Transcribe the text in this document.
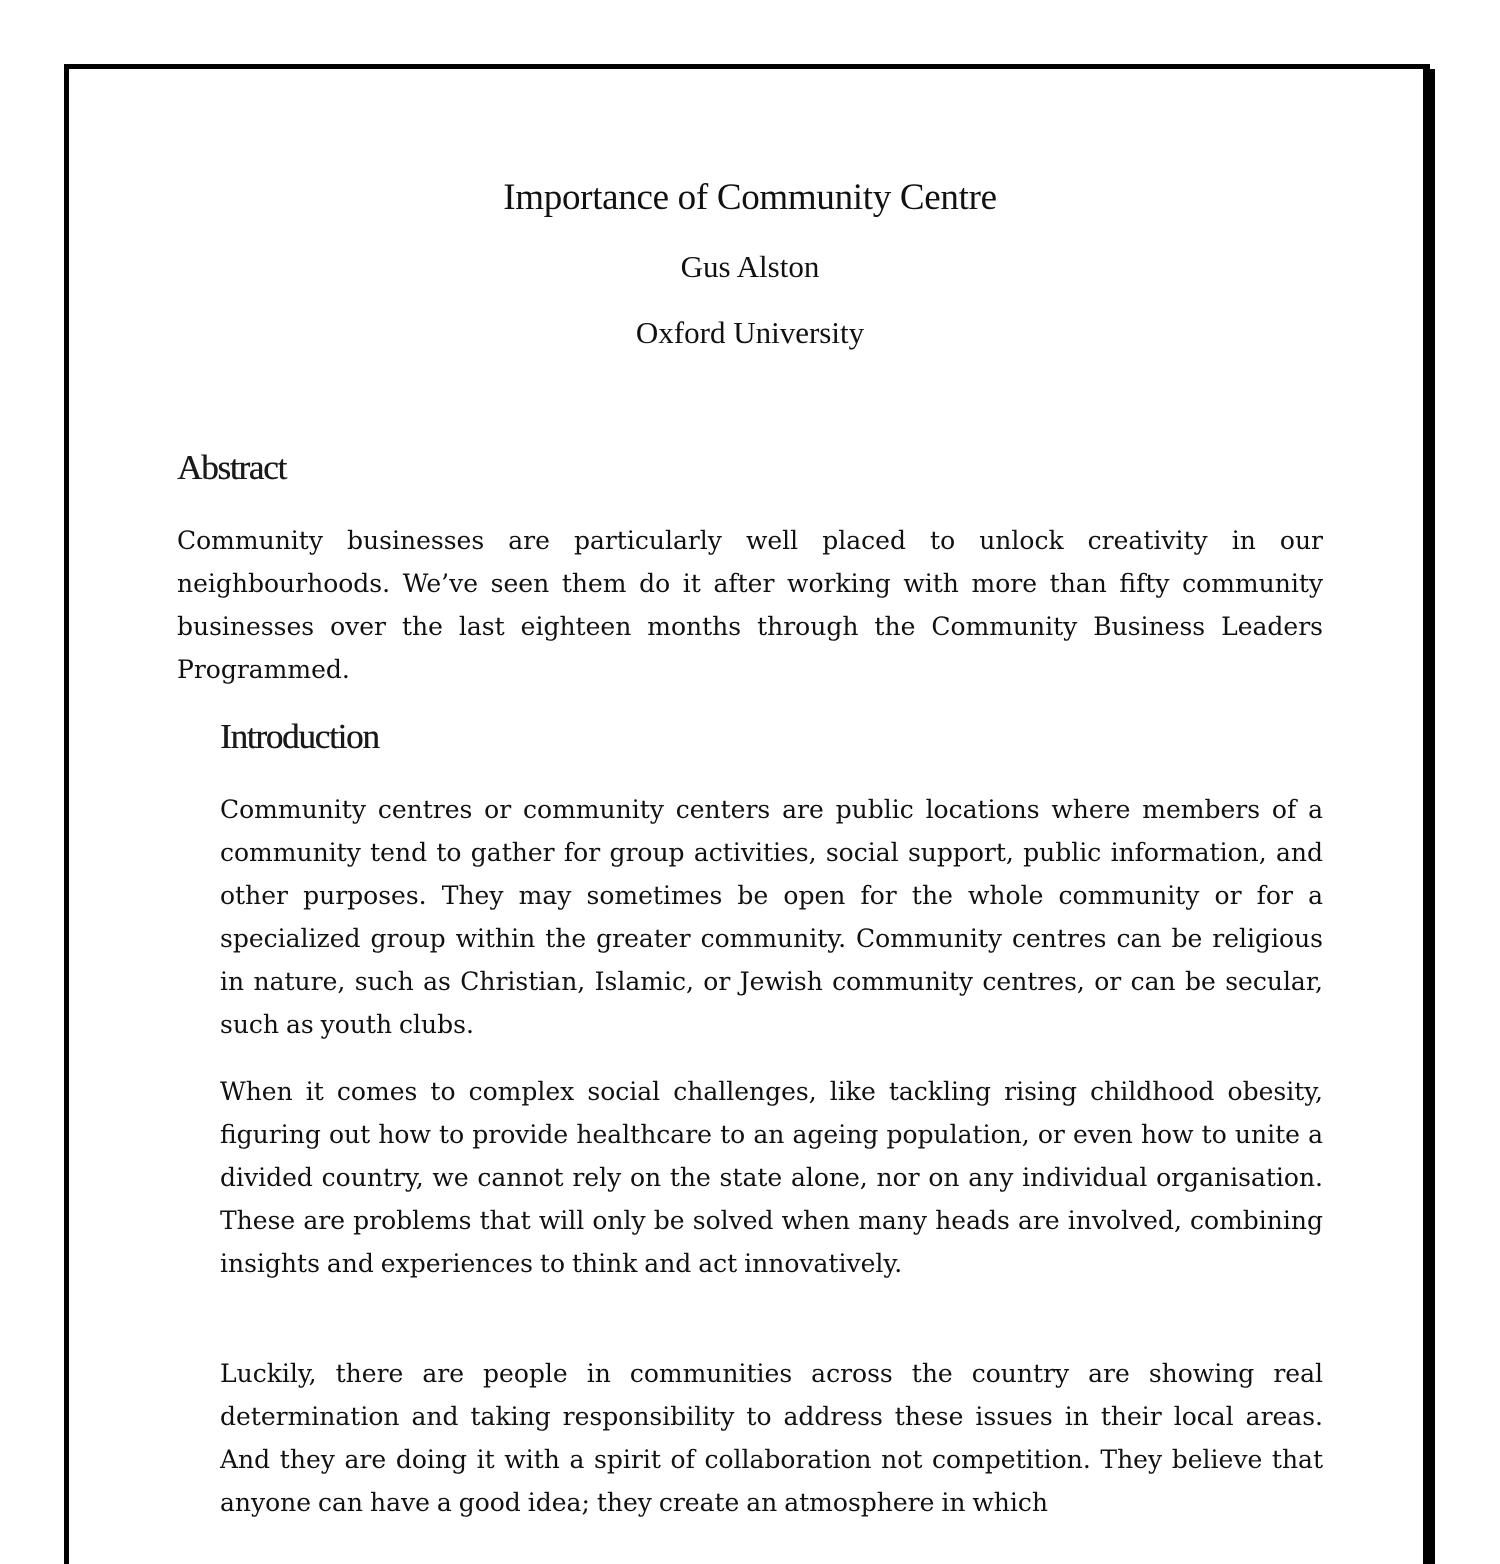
Importance of Community Centre
Gus Alston
Oxford University
Abstract

Community businesses are particularly well placed to unlock creativity in our neighbourhoods. We’ve seen them do it after working with more than fifty community businesses over the last eighteen months through the Community Business Leaders Programmed.

Introduction

Community centres or community centers are public locations where members of a community tend to gather for group activities, social support, public information, and other purposes. They may sometimes be open for the whole community or for a specialized group within the greater community. Community centres can be religious in nature, such as Christian, Islamic, or Jewish community centres, or can be secular, such as youth clubs.

When it comes to complex social challenges, like tackling rising childhood obesity, figuring out how to provide healthcare to an ageing population, or even how to unite a divided country, we cannot rely on the state alone, nor on any individual organisation. These are problems that will only be solved when many heads are involved, combining insights and experiences to think and act innovatively.

Luckily, there are people in communities across the country are showing real determination and taking responsibility to address these issues in their local areas. And they are doing it with a spirit of collaboration not competition. They believe that anyone can have a good idea; they create an atmosphere in which
